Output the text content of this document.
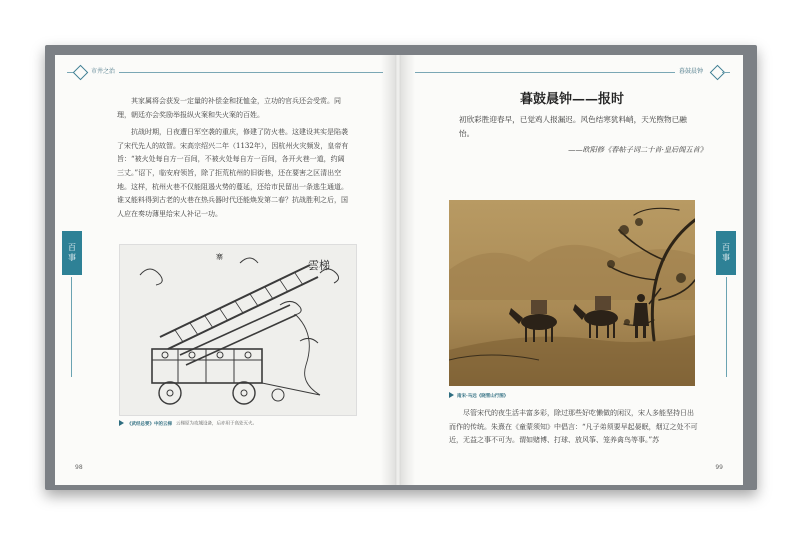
市井之治

其家属将会获发一定量的补偿金和抚恤金，立功的官兵还会受赏。同理，朝廷亦会奖励举报纵火案和失火案的百姓。

抗战时期，日夜遭日军空袭的重庆，修建了防火巷。这建设其实是陷袭了宋代先人的故智。宋高宗绍兴二年（1132年），因杭州火灾频发，皇帝有旨：“被火处每自方一百间，不被火处每自方一百间，各开火巷一道，约阔三丈。”诏下，临安府领旨，除了拒荒杭州的旧街巷，还在要害之区清出空地。这样，杭州火巷不仅能阻遏火势的蔓延，还给市民留出一条逃生通道。谁又能料得到古老的火巷在热兵器时代还能焕发第二春？抗战胜利之后，国人应在奏功薄里给宋人补记一功。

百事
雲梯
寨
《武经总要》中的云梯 云梯原为攻城设备，后亦用于高处灭火。
98
暮鼓晨钟
暮鼓晨钟——报时
初欣彩胜迎春早，已觉鸡人报漏迟。风色结寒犹料峭，天光煦物已融怡。
——欧阳修《春帖子词二十首·皇后阁五首》
百事
南宋·马远《晓雪山行图》

尽管宋代的夜生活丰富多彩，除过那些好吃懒做的闲汉，宋人多能坚持日出而作的传统。朱熹在《童蒙须知》中倡言：“凡子弟须要早起晏眠，烟辽之处不可近，无益之事不可为。谓如赌博、打球、放风筝、笼养禽鸟等事。”苏

99
